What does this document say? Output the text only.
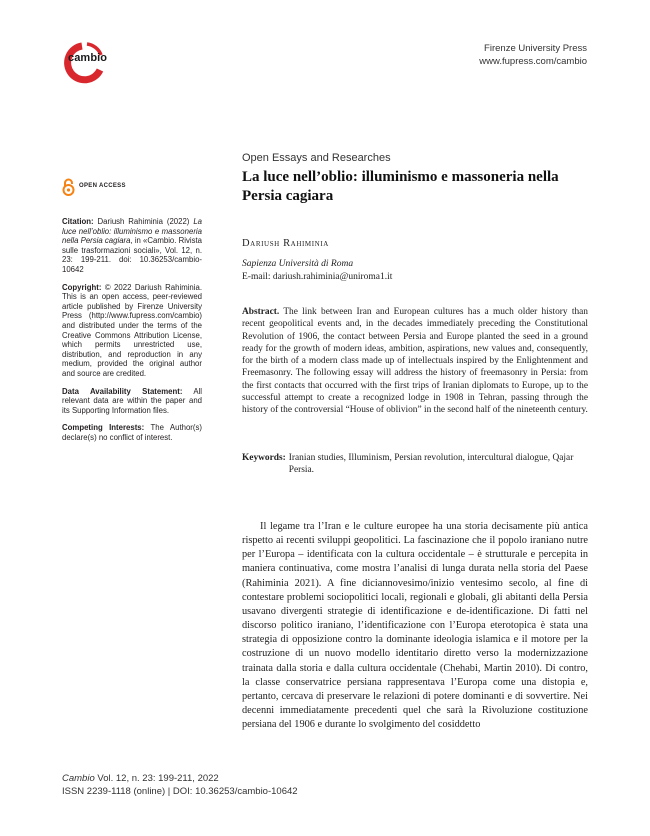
cambio
Firenze University Press
www.fupress.com/cambio
OPEN ACCESS
Citation: Dariush Rahiminia (2022) La luce nell’oblio: illuminismo e massoneria nella Persia cagiara, in «Cambio. Rivista sulle trasformazioni sociali», Vol. 12, n. 23: 199-211. doi: 10.36253/cambio-10642
Copyright: © 2022 Dariush Rahiminia. This is an open access, peer-reviewed article published by Firenze University Press (http://www.fupress.com/cambio) and distributed under the terms of the Creative Commons Attribution License, which permits unrestricted use, distribution, and reproduction in any medium, provided the original author and source are credited.
Data Availability Statement: All relevant data are within the paper and its Supporting Information files.
Competing Interests: The Author(s) declare(s) no conflict of interest.
Open Essays and Researches
La luce nell’oblio: illuminismo e massoneria nella Persia cagiara
Dariush Rahiminia
Sapienza Università di Roma
E-mail: dariush.rahiminia@uniroma1.it
Abstract. The link between Iran and European cultures has a much older history than recent geopolitical events and, in the decades immediately preceding the Constitutional Revolution of 1906, the contact between Persia and Europe planted the seed in a ground ready for the growth of modern ideas, ambition, aspirations, new values and, consequently, for the birth of a modern class made up of intellectuals inspired by the Enlightenment and Freemasonry. The following essay will address the history of freemasonry in Persia: from the first contacts that occurred with the first trips of Iranian diplomats to Europe, up to the successful attempt to create a recognized lodge in 1908 in Tehran, passing through the history of the controversial “House of oblivion” in the second half of the nineteenth century.
Keywords: Iranian studies, Illuminism, Persian revolution, intercultural dialogue, Qajar Persia.
Il legame tra l’Iran e le culture europee ha una storia decisamente più antica rispetto ai recenti sviluppi geopolitici. La fascinazione che il popolo iraniano nutre per l’Europa – identificata con la cultura occidentale – è strutturale e percepita in maniera continuativa, come mostra l’analisi di lunga durata nella storia del Paese (Rahiminia 2021). A fine diciannovesimo/inizio ventesimo secolo, al fine di contestare problemi sociopolitici locali, regionali e globali, gli abitanti della Persia usavano divergenti strategie di identificazione e de-identificazione. Di fatti nel discorso politico iraniano, l’identificazione con l’Europa eterotopica è stata una strategia di opposizione contro la dominante ideologia islamica e il motore per la costruzione di un nuovo modello identitario diretto verso la modernizzazione trainata dalla storia e dalla cultura occidentale (Chehabi, Martin 2010). Di contro, la classe conservatrice persiana rappresentava l’Europa come una distopia e, pertanto, cercava di preservare le relazioni di potere dominanti e di sovvertire. Nei decenni immediatamente precedenti quel che sarà la Rivoluzione costituzione persiana del 1906 e durante lo svolgimento del cosiddetto
Cambio Vol. 12, n. 23: 199-211, 2022
ISSN 2239-1118 (online) | DOI: 10.36253/cambio-10642
